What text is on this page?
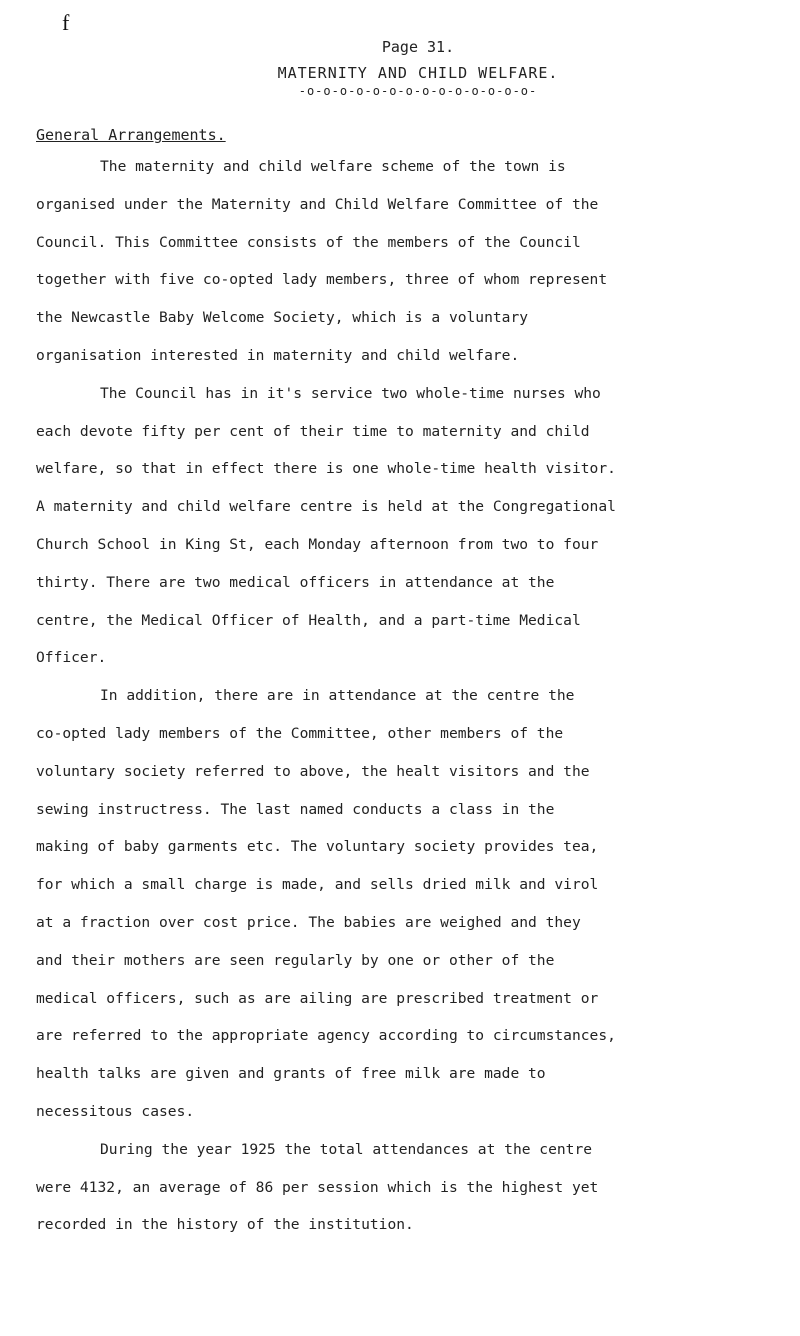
f
Page 31.
MATERNITY AND CHILD WELFARE.
-o-o-o-o-o-o-o-o-o-o-o-o-o-o-
General Arrangements.
The maternity and child welfare scheme of the town is
organised under the Maternity and Child Welfare Committee of the
Council. This Committee consists of the members of the Council
together with five co-opted lady members, three of whom represent
the Newcastle Baby Welcome Society, which is a voluntary
organisation interested in maternity and child welfare.
The Council has in it's service two whole-time nurses who
each devote fifty per cent of their time to maternity and child
welfare, so that in effect there is one whole-time health visitor.
A maternity and child welfare centre is held at the Congregational
Church School in King St, each Monday afternoon from two to four
thirty. There are two medical officers in attendance at the
centre, the Medical Officer of Health, and a part-time Medical
Officer.
In addition, there are in attendance at the centre the
co-opted lady members of the Committee, other members of the
voluntary society referred to above, the healt visitors and the
sewing instructress. The last named conducts a class in the
making of baby garments etc. The voluntary society provides tea,
for which a small charge is made, and sells dried milk and virol
at a fraction over cost price. The babies are weighed and they
and their mothers are seen regularly by one or other of the
medical officers, such as are ailing are prescribed treatment or
are referred to the appropriate agency according to circumstances,
health talks are given and grants of free milk are made to
necessitous cases.
During the year 1925 the total attendances at the centre
were 4132, an average of 86 per session which is the highest yet
recorded in the history of the institution.
